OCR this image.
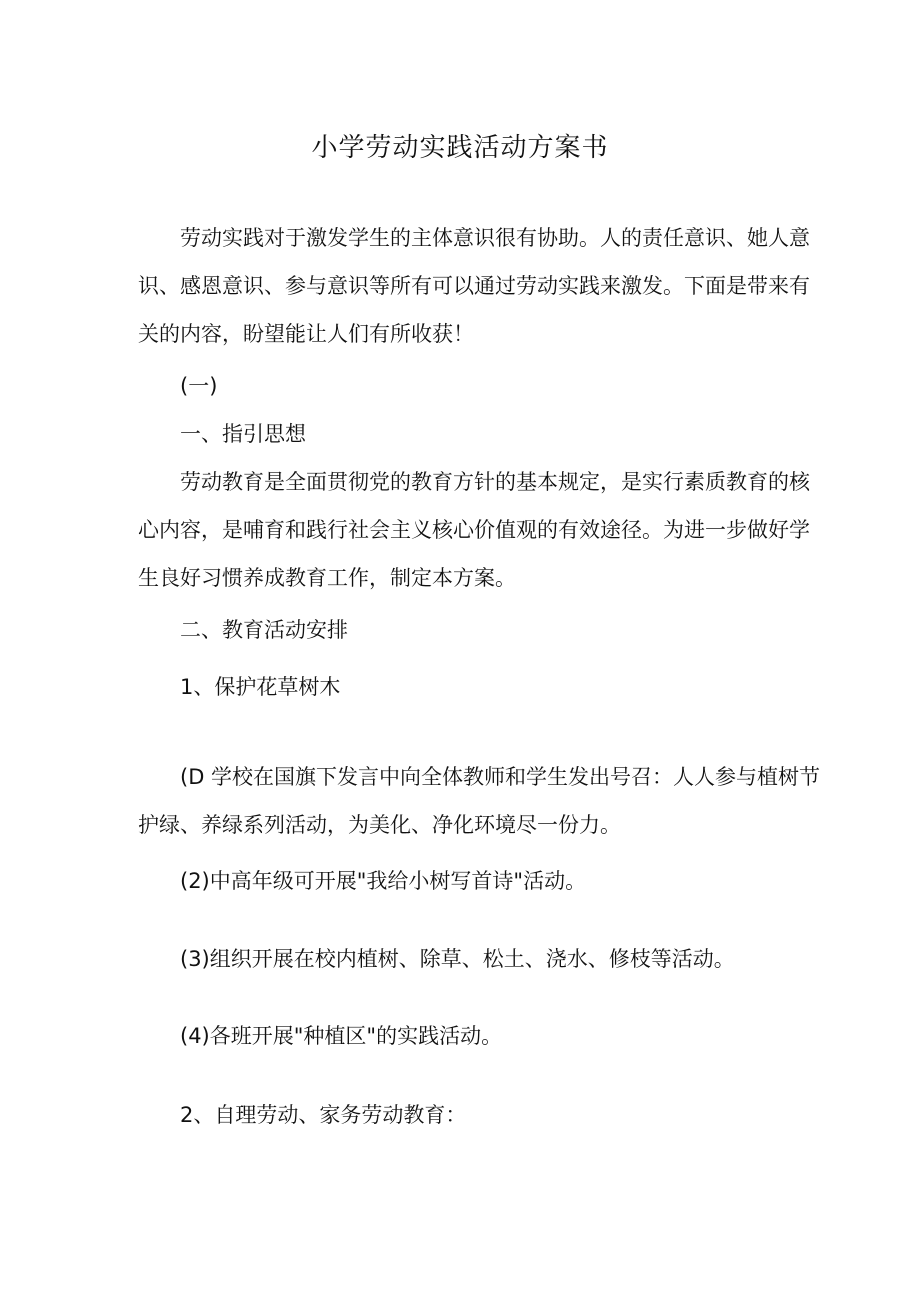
小学劳动实践活动方案书
劳动实践对于激发学生的主体意识很有协助。人的责任意识、她人意
识、感恩意识、参与意识等所有可以通过劳动实践来激发。下面是带来有
关的内容，盼望能让人们有所收获！
(一)
一、指引思想
劳动教育是全面贯彻党的教育方针的基本规定，是实行素质教育的核
心内容，是哺育和践行社会主义核心价值观的有效途径。为进一步做好学
生良好习惯养成教育工作，制定本方案。
二、教育活动安排
1、保护花草树木
(D 学校在国旗下发言中向全体教师和学生发出号召：人人参与植树节
护绿、养绿系列活动，为美化、净化环境尽一份力。
(2)中高年级可开展"我给小树写首诗"活动。
(3)组织开展在校内植树、除草、松土、浇水、修枝等活动。
(4)各班开展"种植区"的实践活动。
2、自理劳动、家务劳动教育：
